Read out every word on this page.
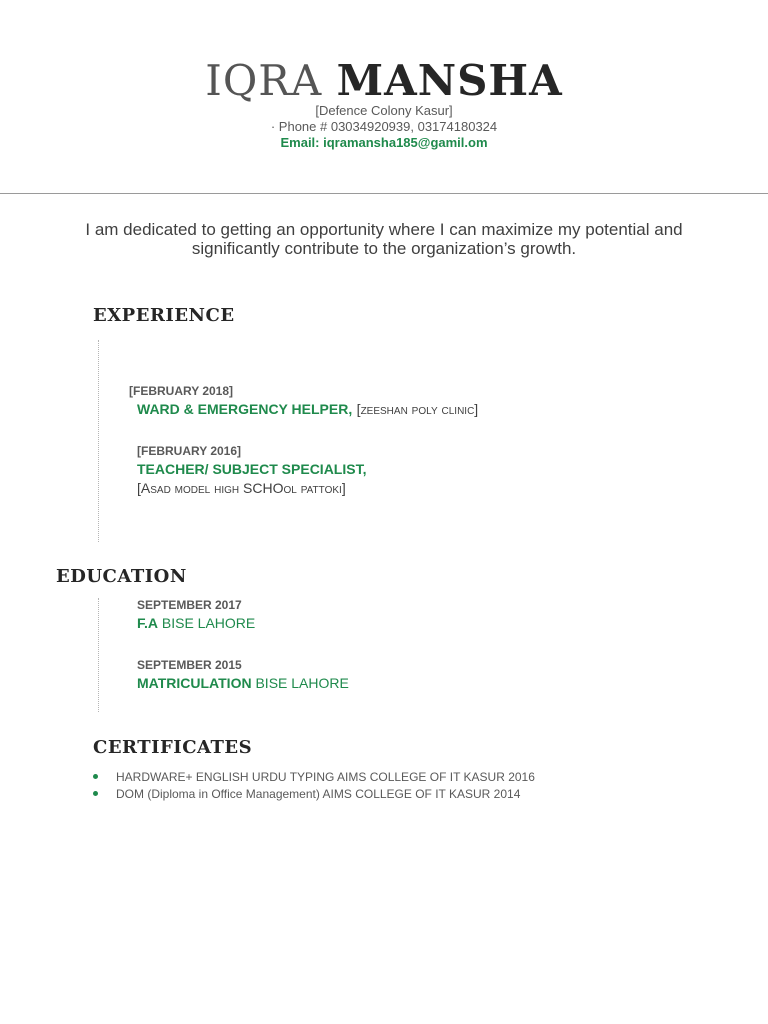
IQRA MANSHA
[Defence Colony Kasur]
· Phone # 03034920939, 03174180324
Email: iqramansha185@gamil.om
I am dedicated to getting an opportunity where I can maximize my potential and significantly contribute to the organization’s growth.
EXPERIENCE
[FEBRUARY 2018]
WARD & EMERGENCY HELPER, [zeeshan poly clinic]
[FEBRUARY 2016]
TEACHER/ SUBJECT SPECIALIST,
[Asad model high SCHOol pattoki]
EDUCATION
SEPTEMBER 2017
F.A BISE LAHORE
SEPTEMBER 2015
MATRICULATION BISE LAHORE
CERTIFICATES
HARDWARE+ ENGLISH URDU TYPING AIMS COLLEGE OF IT KASUR 2016
DOM (Diploma in Office Management) AIMS COLLEGE OF IT KASUR 2014
